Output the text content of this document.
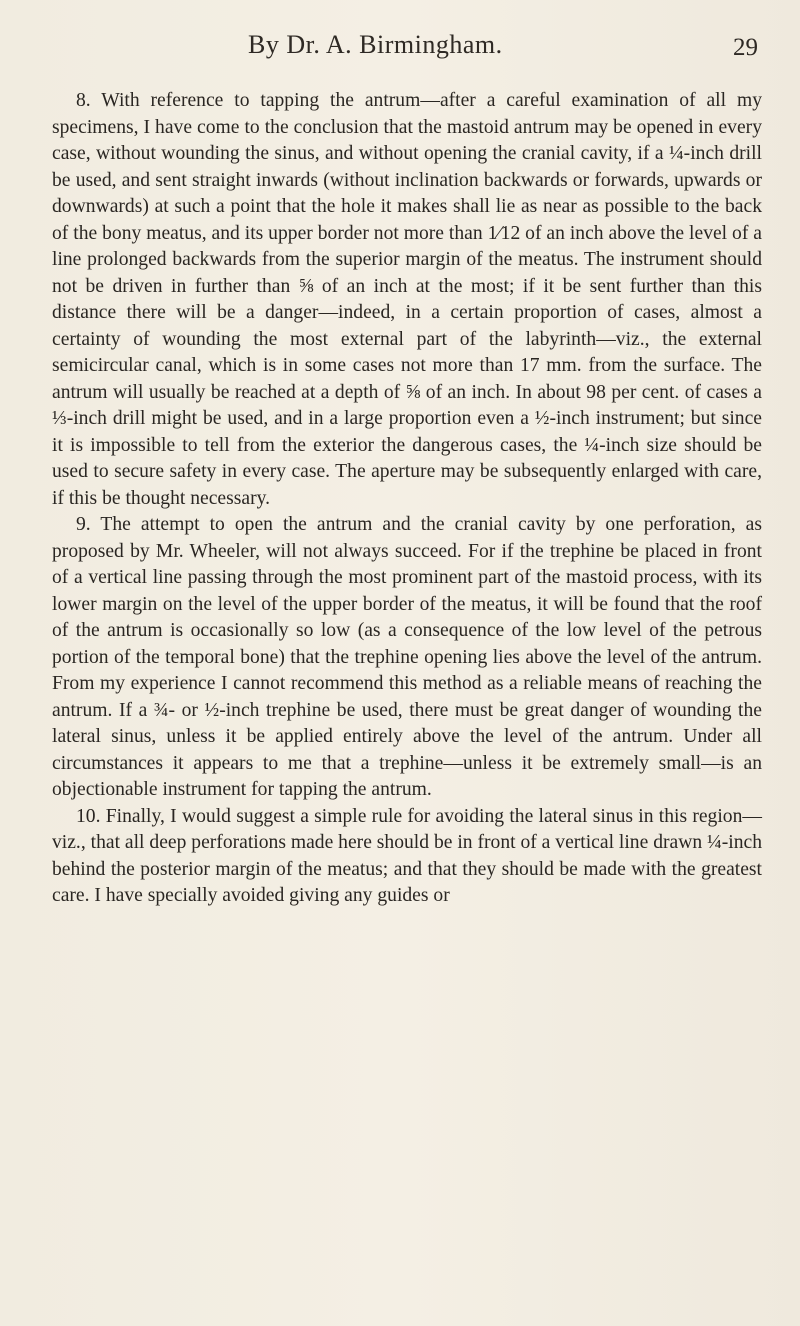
By Dr. A. Birmingham.	29

8. With reference to tapping the antrum—after a careful examination of all my specimens, I have come to the conclusion that the mastoid antrum may be opened in every case, without wounding the sinus, and without opening the cranial cavity, if a ¼-inch drill be used, and sent straight inwards (without inclination backwards or forwards, upwards or downwards) at such a point that the hole it makes shall lie as near as possible to the back of the bony meatus, and its upper border not more than 1⁄12 of an inch above the level of a line prolonged backwards from the superior margin of the meatus. The instrument should not be driven in further than ⅝ of an inch at the most; if it be sent further than this distance there will be a danger—indeed, in a certain proportion of cases, almost a certainty of wounding the most external part of the labyrinth—viz., the external semicircular canal, which is in some cases not more than 17 mm. from the surface. The antrum will usually be reached at a depth of ⅝ of an inch. In about 98 per cent. of cases a ⅓-inch drill might be used, and in a large proportion even a ½-inch instrument; but since it is impossible to tell from the exterior the dangerous cases, the ¼-inch size should be used to secure safety in every case. The aperture may be subsequently enlarged with care, if this be thought necessary.

9. The attempt to open the antrum and the cranial cavity by one perforation, as proposed by Mr. Wheeler, will not always succeed. For if the trephine be placed in front of a vertical line passing through the most prominent part of the mastoid process, with its lower margin on the level of the upper border of the meatus, it will be found that the roof of the antrum is occasionally so low (as a consequence of the low level of the petrous portion of the temporal bone) that the trephine opening lies above the level of the antrum. From my experience I cannot recommend this method as a reliable means of reaching the antrum. If a ¾- or ½-inch trephine be used, there must be great danger of wounding the lateral sinus, unless it be applied entirely above the level of the antrum. Under all circumstances it appears to me that a trephine—unless it be extremely small—is an objectionable instrument for tapping the antrum.

10. Finally, I would suggest a simple rule for avoiding the lateral sinus in this region—viz., that all deep perforations made here should be in front of a vertical line drawn ¼-inch behind the posterior margin of the meatus; and that they should be made with the greatest care. I have specially avoided giving any guides or
